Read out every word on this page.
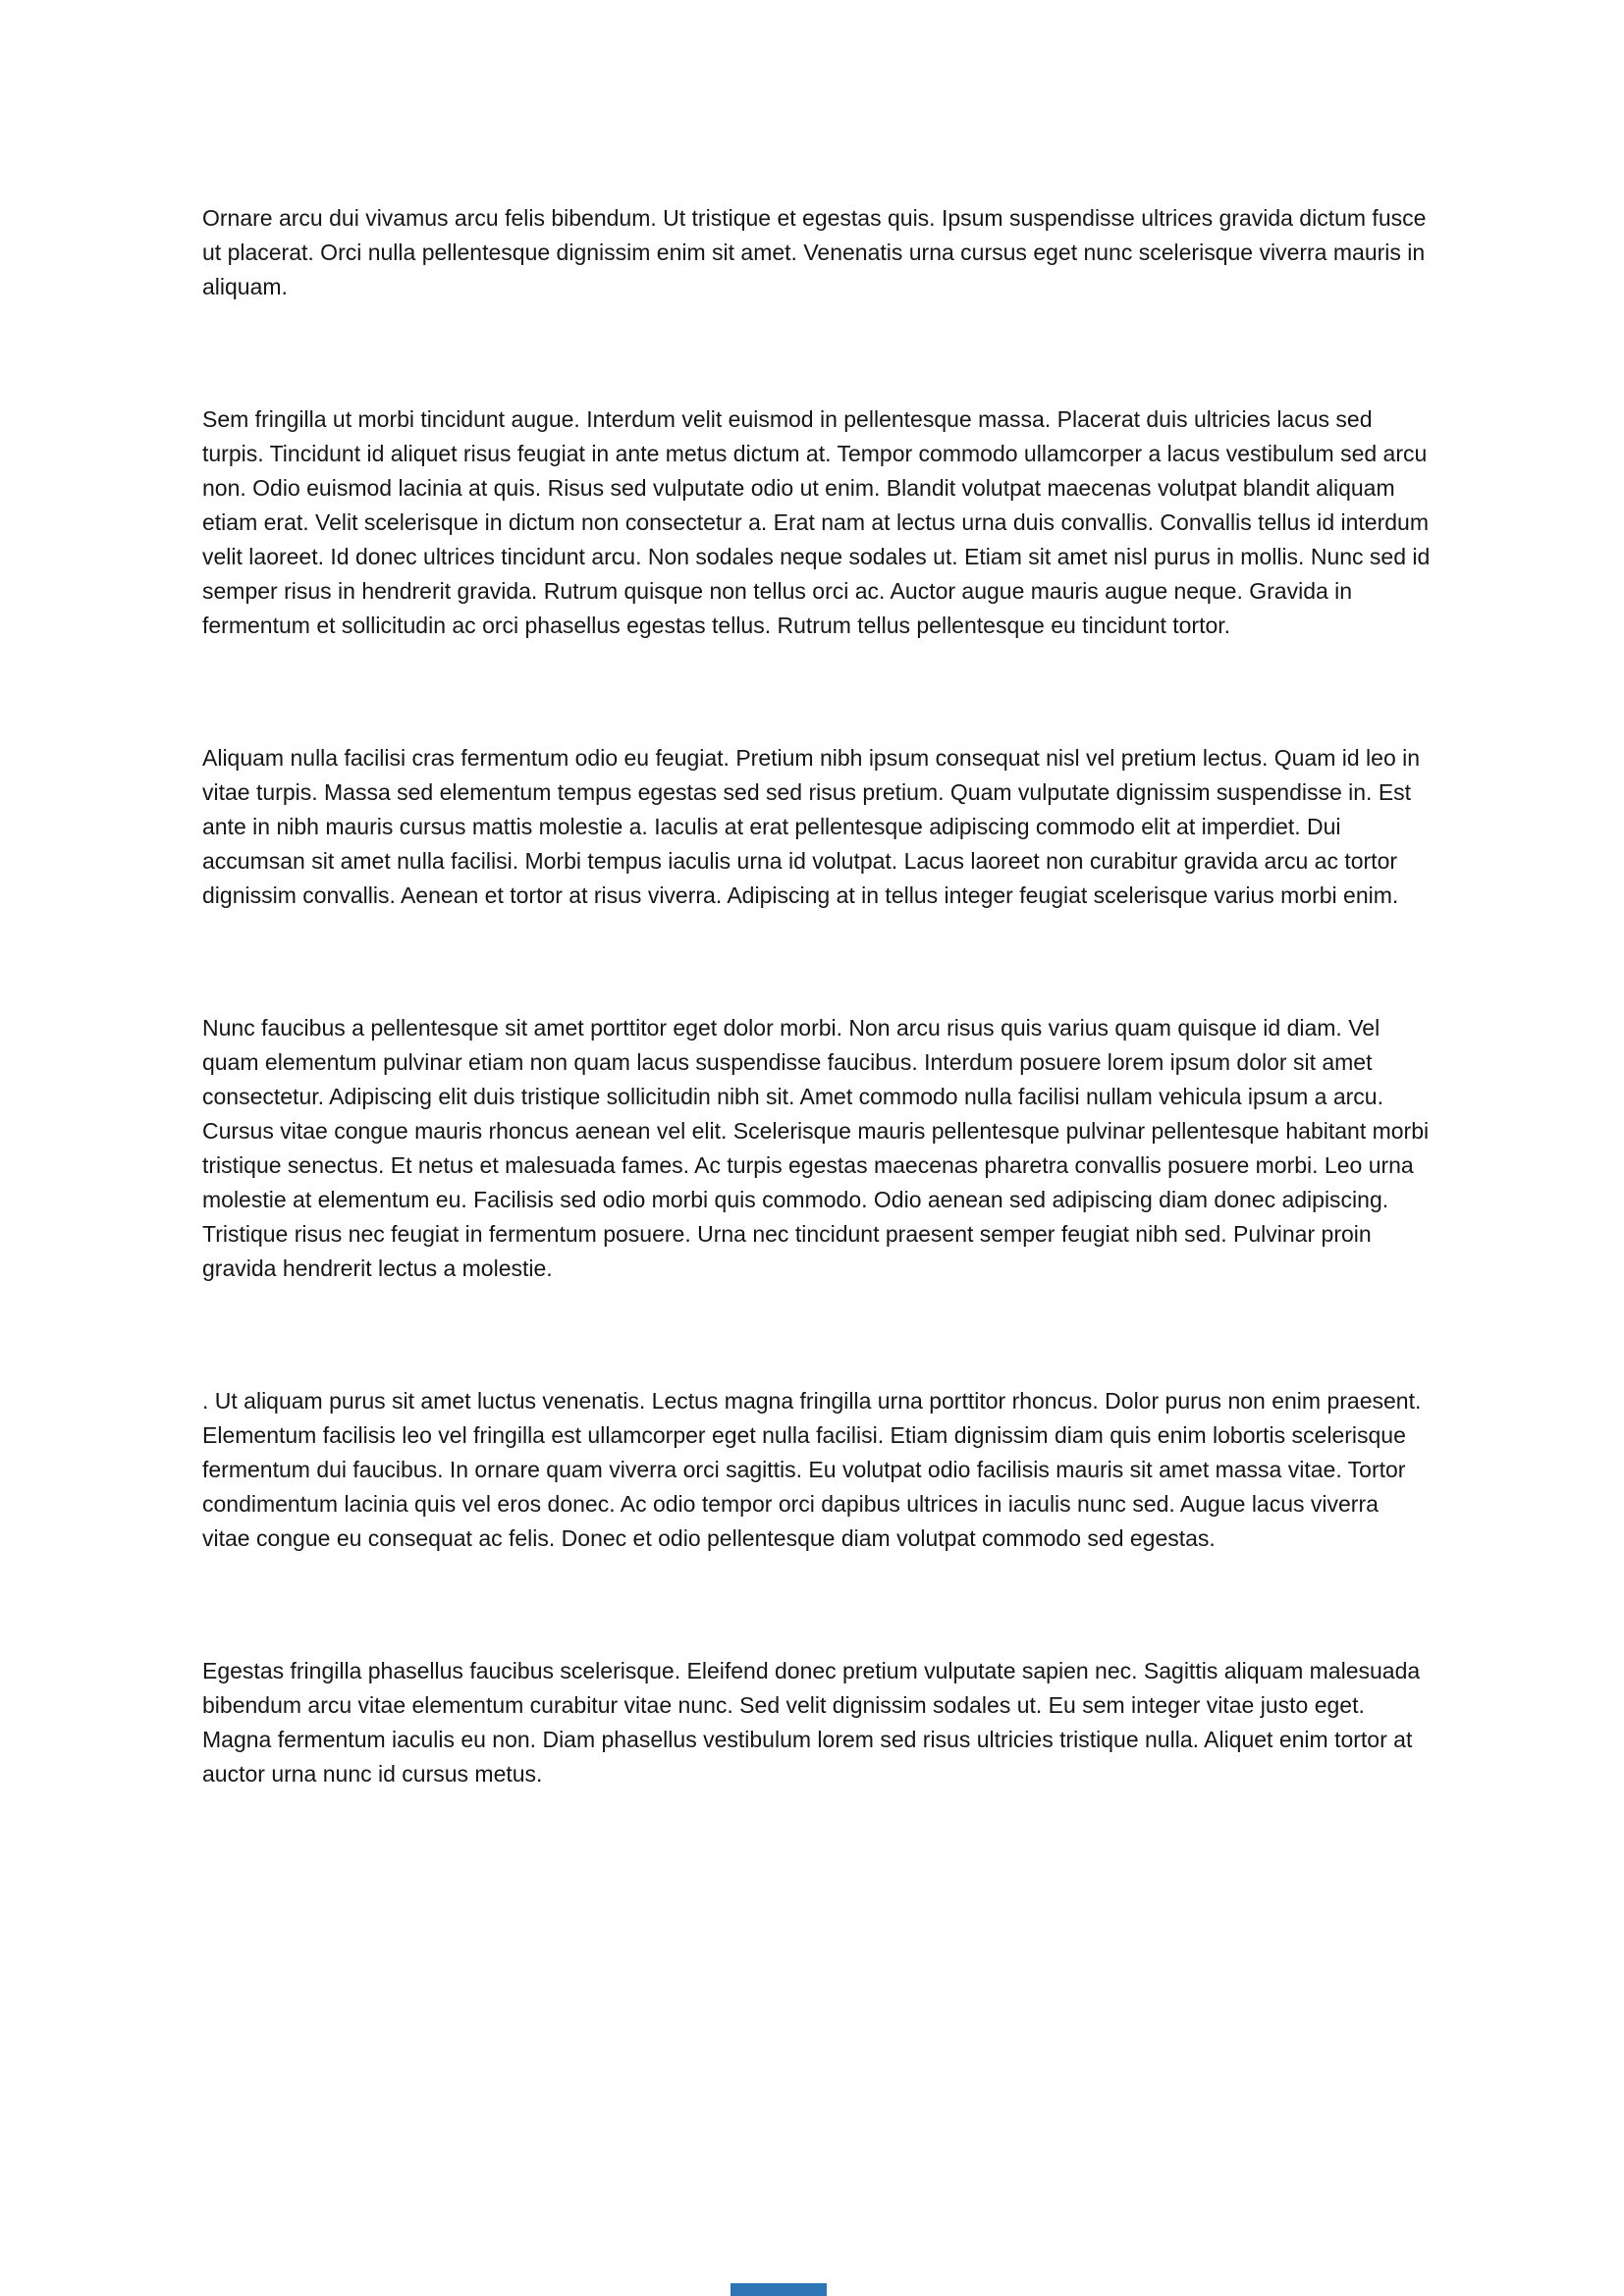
Ornare arcu dui vivamus arcu felis bibendum. Ut tristique et egestas quis. Ipsum suspendisse ultrices gravida dictum fusce ut placerat. Orci nulla pellentesque dignissim enim sit amet. Venenatis urna cursus eget nunc scelerisque viverra mauris in aliquam.

Sem fringilla ut morbi tincidunt augue. Interdum velit euismod in pellentesque massa. Placerat duis ultricies lacus sed turpis. Tincidunt id aliquet risus feugiat in ante metus dictum at. Tempor commodo ullamcorper a lacus vestibulum sed arcu non. Odio euismod lacinia at quis. Risus sed vulputate odio ut enim. Blandit volutpat maecenas volutpat blandit aliquam etiam erat. Velit scelerisque in dictum non consectetur a. Erat nam at lectus urna duis convallis. Convallis tellus id interdum velit laoreet. Id donec ultrices tincidunt arcu. Non sodales neque sodales ut. Etiam sit amet nisl purus in mollis. Nunc sed id semper risus in hendrerit gravida. Rutrum quisque non tellus orci ac. Auctor augue mauris augue neque. Gravida in fermentum et sollicitudin ac orci phasellus egestas tellus. Rutrum tellus pellentesque eu tincidunt tortor.

Aliquam nulla facilisi cras fermentum odio eu feugiat. Pretium nibh ipsum consequat nisl vel pretium lectus. Quam id leo in vitae turpis. Massa sed elementum tempus egestas sed sed risus pretium. Quam vulputate dignissim suspendisse in. Est ante in nibh mauris cursus mattis molestie a. Iaculis at erat pellentesque adipiscing commodo elit at imperdiet. Dui accumsan sit amet nulla facilisi. Morbi tempus iaculis urna id volutpat. Lacus laoreet non curabitur gravida arcu ac tortor dignissim convallis. Aenean et tortor at risus viverra. Adipiscing at in tellus integer feugiat scelerisque varius morbi enim.

Nunc faucibus a pellentesque sit amet porttitor eget dolor morbi. Non arcu risus quis varius quam quisque id diam. Vel quam elementum pulvinar etiam non quam lacus suspendisse faucibus. Interdum posuere lorem ipsum dolor sit amet consectetur. Adipiscing elit duis tristique sollicitudin nibh sit. Amet commodo nulla facilisi nullam vehicula ipsum a arcu. Cursus vitae congue mauris rhoncus aenean vel elit. Scelerisque mauris pellentesque pulvinar pellentesque habitant morbi tristique senectus. Et netus et malesuada fames. Ac turpis egestas maecenas pharetra convallis posuere morbi. Leo urna molestie at elementum eu. Facilisis sed odio morbi quis commodo. Odio aenean sed adipiscing diam donec adipiscing. Tristique risus nec feugiat in fermentum posuere. Urna nec tincidunt praesent semper feugiat nibh sed. Pulvinar proin gravida hendrerit lectus a molestie.

. Ut aliquam purus sit amet luctus venenatis. Lectus magna fringilla urna porttitor rhoncus. Dolor purus non enim praesent. Elementum facilisis leo vel fringilla est ullamcorper eget nulla facilisi. Etiam dignissim diam quis enim lobortis scelerisque fermentum dui faucibus. In ornare quam viverra orci sagittis. Eu volutpat odio facilisis mauris sit amet massa vitae. Tortor condimentum lacinia quis vel eros donec. Ac odio tempor orci dapibus ultrices in iaculis nunc sed. Augue lacus viverra vitae congue eu consequat ac felis. Donec et odio pellentesque diam volutpat commodo sed egestas.

Egestas fringilla phasellus faucibus scelerisque. Eleifend donec pretium vulputate sapien nec. Sagittis aliquam malesuada bibendum arcu vitae elementum curabitur vitae nunc. Sed velit dignissim sodales ut. Eu sem integer vitae justo eget. Magna fermentum iaculis eu non. Diam phasellus vestibulum lorem sed risus ultricies tristique nulla. Aliquet enim tortor at auctor urna nunc id cursus metus.
